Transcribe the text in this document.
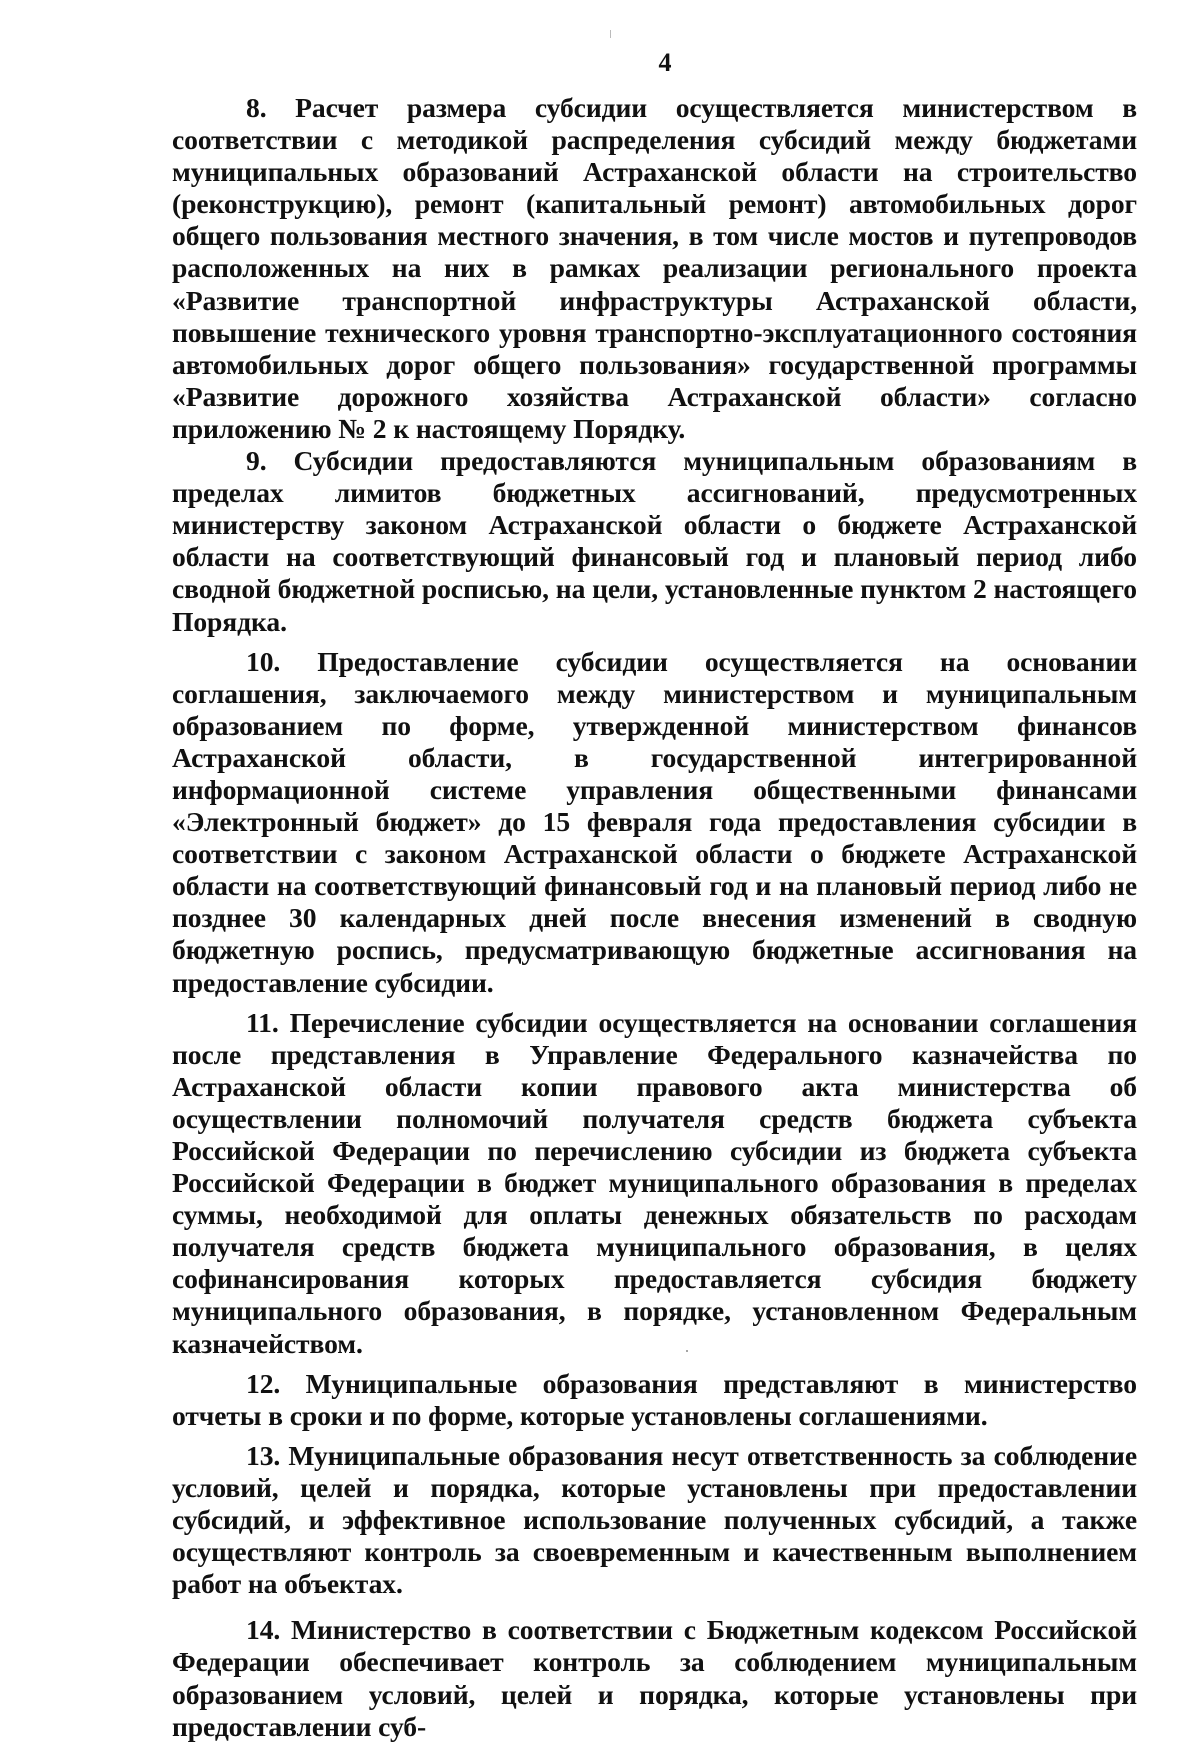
4

8. Расчет размера субсидии осуществляется министерством в соответствии с методикой распределения субсидий между бюджетами муниципальных образований Астраханской области на строительство (реконструкцию), ремонт (капитальный ремонт) автомобильных дорог общего пользования местного значения, в том числе мостов и путепроводов расположенных на них в рамках реализации регионального проекта «Развитие транспортной инфраструктуры Астраханской области, повышение технического уровня транспортно-эксплуатационного состояния автомобильных дорог общего пользования» государственной программы «Развитие дорожного хозяйства Астраханской области» согласно приложению № 2 к настоящему Порядку.

9. Субсидии предоставляются муниципальным образованиям в пределах лимитов бюджетных ассигнований, предусмотренных министерству законом Астраханской области о бюджете Астраханской области на соответствующий финансовый год и плановый период либо сводной бюджетной росписью, на цели, установленные пунктом 2 настоящего Порядка.

10. Предоставление субсидии осуществляется на основании соглашения, заключаемого между министерством и муниципальным образованием по форме, утвержденной министерством финансов Астраханской области, в государственной интегрированной информационной системе управления общественными финансами «Электронный бюджет» до 15 февраля года предоставления субсидии в соответствии с законом Астраханской области о бюджете Астраханской области на соответствующий финансовый год и на плановый период либо не позднее 30 календарных дней после внесения изменений в сводную бюджетную роспись, предусматривающую бюджетные ассигнования на предоставление субсидии.

11. Перечисление субсидии осуществляется на основании соглашения после представления в Управление Федерального казначейства по Астраханской области копии правового акта министерства об осуществлении полномочий получателя средств бюджета субъекта Российской Федерации по перечислению субсидии из бюджета субъекта Российской Федерации в бюджет муниципального образования в пределах суммы, необходимой для оплаты денежных обязательств по расходам получателя средств бюджета муниципального образования, в целях софинансирования которых предоставляется субсидия бюджету муниципального образования, в порядке, установленном Федеральным казначейством.

12. Муниципальные образования представляют в министерство отчеты в сроки и по форме, которые установлены соглашениями.

13. Муниципальные образования несут ответственность за соблюдение условий, целей и порядка, которые установлены при предоставлении субсидий, и эффективное использование полученных субсидий, а также осуществляют контроль за своевременным и качественным выполнением работ на объектах.

14. Министерство в соответствии с Бюджетным кодексом Российской Федерации обеспечивает контроль за соблюдением муниципальным образованием условий, целей и порядка, которые установлены при предоставлении суб-
